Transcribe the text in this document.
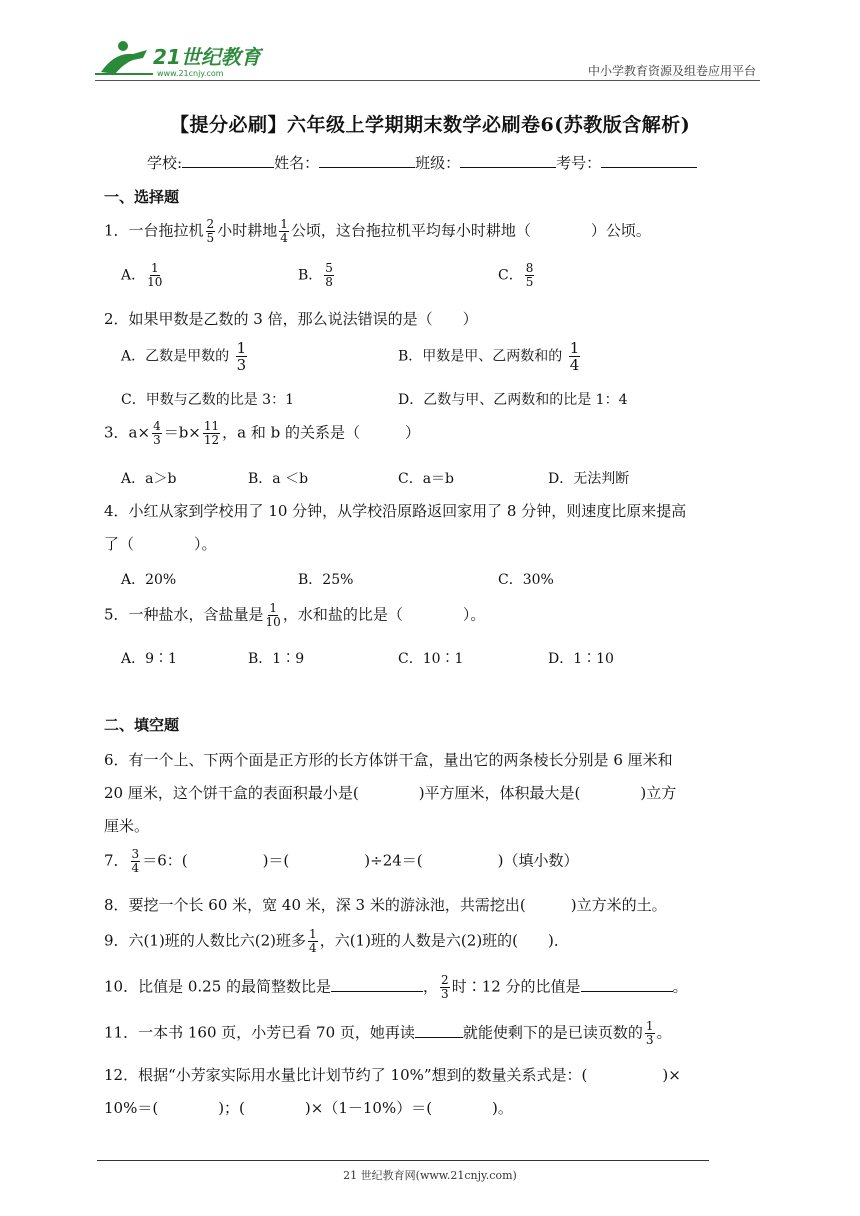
21世纪教育
www.21cnjy.com	中小学教育资源及组卷应用平台
【提分必刷】六年级上学期期末数学必刷卷6(苏教版含解析)
学校:	姓名：	班级：	考号：
一、选择题
1．一台拖拉机 $\frac{2}{5}$ 小时耕地 $\frac{1}{4}$ 公顷，这台拖拉机平均每小时耕地（　　　　）公顷。
A． $\frac{1}{10}$	B． $\frac{5}{8}$	C． $\frac{8}{5}$
2．如果甲数是乙数的 3 倍，那么说法错误的是（　　）
A．乙数是甲数的 $\frac{1}{3}$	B．甲数是甲、乙两数和的 $\frac{1}{4}$
C．甲数与乙数的比是 3：1	D．乙数与甲、乙两数和的比是 1：4
3．$a\times \frac{4}{3} =b\times \frac{11}{12}$ ，a 和 b 的关系是（　　　）
A．a＞b	B．a ＜b	C．a＝b	D．无法判断
4．小红从家到学校用了 10 分钟，从学校沿原路返回家用了 8 分钟，则速度比原来提高
了（　　　　）。
A．20%	B．25%	C．30%
5．一种盐水，含盐量是 $\frac{1}{10}$ ，水和盐的比是（　　　　）。
A．9∶1	B．1∶9	C．10∶1	D．1∶10
二、填空题
6．有一个上、下两个面是正方形的长方体饼干盒，量出它的两条棱长分别是 6 厘米和
20 厘米，这个饼干盒的表面积最小是(　　　　)平方厘米，体积最大是(　　　　)立方
厘米。
7． $\frac{3}{4} =6$：(　　　　　)＝(　　　　　)÷24＝(　　　　　)（填小数）
8．要挖一个长 60 米，宽 40 米，深 3 米的游泳池，共需挖出(　　　)立方米的土。
9．六(1)班的人数比六(2)班多 $\frac{1}{4}$ ，六(1)班的人数是六(2)班的(　　)．
10．比值是 0.25 的最简整数比是	， $\frac{2}{3}$ 时∶12 分的比值是	。
11．一本书 160 页，小芳已看 70 页，她再读	就能使剩下的是已读页数的 $\frac{1}{3}$ 。
12．根据“小芳家实际用水量比计划节约了 10%”想到的数量关系式是：(　　　　　)×
10%＝(　　　　)；(　　　　)×（1－10%）＝(　　　　)。
21 世纪教育网(www.21cnjy.com)
